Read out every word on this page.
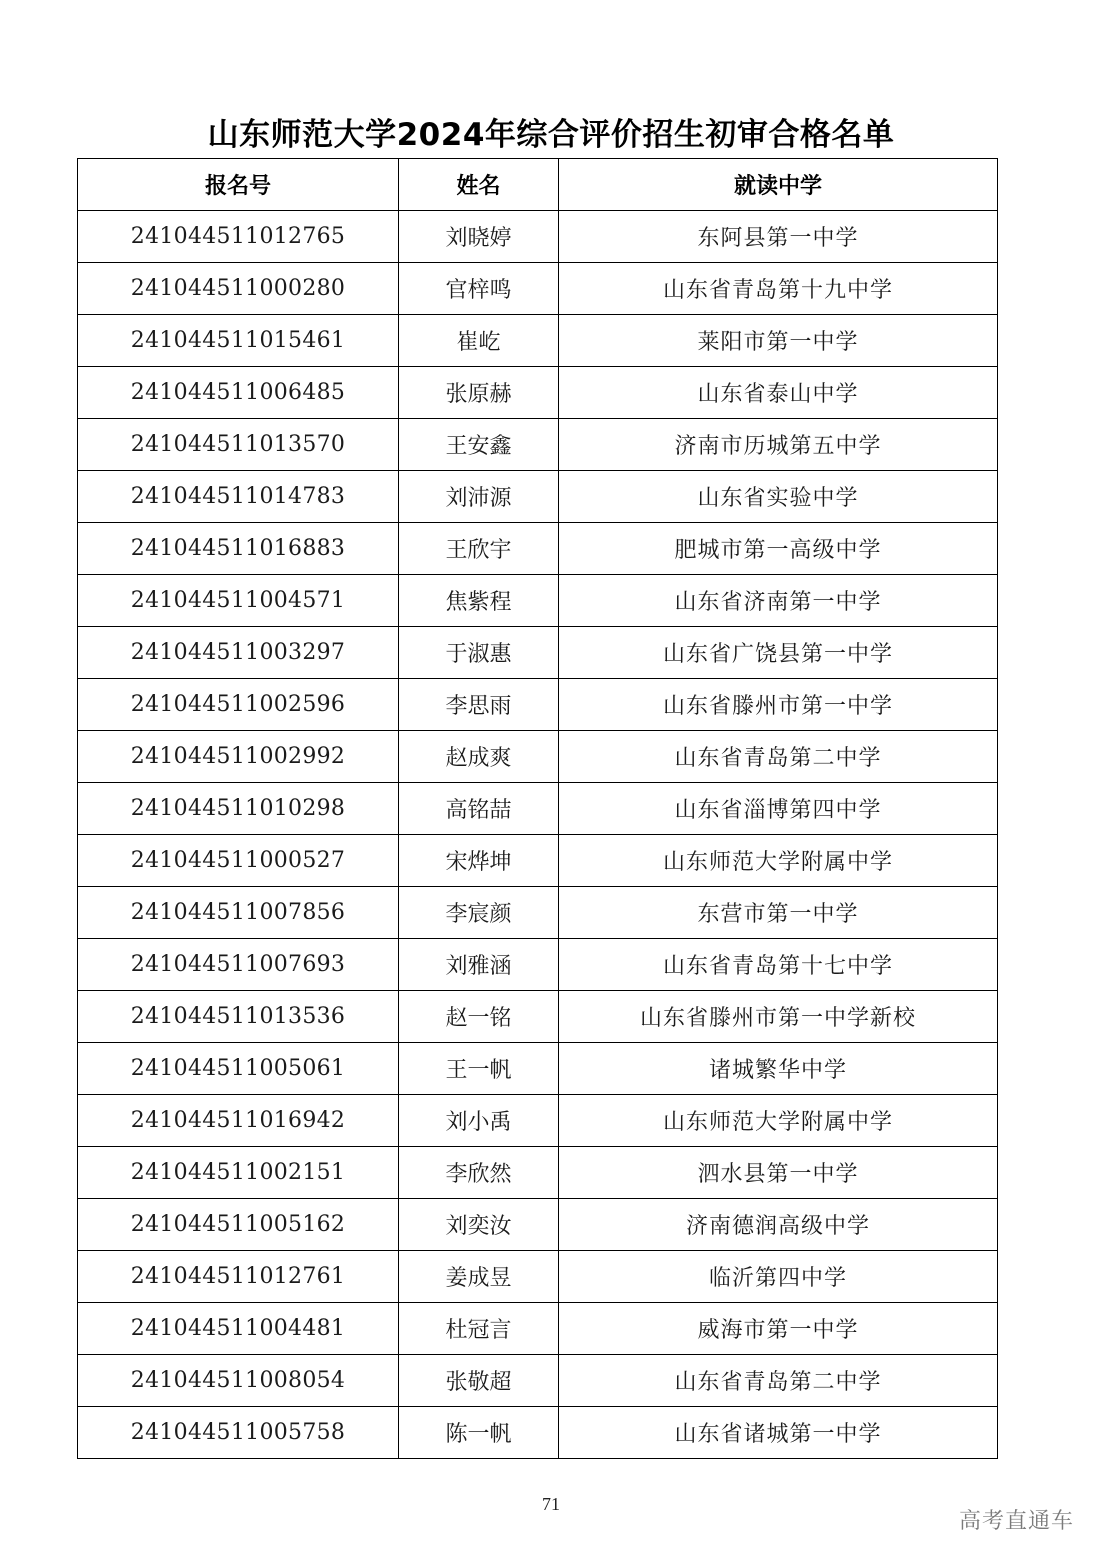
山东师范大学2024年综合评价招生初审合格名单
报名号	姓名	就读中学
241044511012765	刘晓婷	东阿县第一中学
241044511000280	官梓鸣	山东省青岛第十九中学
241044511015461	崔屹	莱阳市第一中学
241044511006485	张原赫	山东省泰山中学
241044511013570	王安鑫	济南市历城第五中学
241044511014783	刘沛源	山东省实验中学
241044511016883	王欣宇	肥城市第一高级中学
241044511004571	焦紫程	山东省济南第一中学
241044511003297	于淑惠	山东省广饶县第一中学
241044511002596	李思雨	山东省滕州市第一中学
241044511002992	赵成爽	山东省青岛第二中学
241044511010298	高铭喆	山东省淄博第四中学
241044511000527	宋烨坤	山东师范大学附属中学
241044511007856	李宸颜	东营市第一中学
241044511007693	刘雅涵	山东省青岛第十七中学
241044511013536	赵一铭	山东省滕州市第一中学新校
241044511005061	王一帆	诸城繁华中学
241044511016942	刘小禹	山东师范大学附属中学
241044511002151	李欣然	泗水县第一中学
241044511005162	刘奕汝	济南德润高级中学
241044511012761	姜成昱	临沂第四中学
241044511004481	杜冠言	威海市第一中学
241044511008054	张敬超	山东省青岛第二中学
241044511005758	陈一帆	山东省诸城第一中学
71
高考直通车
